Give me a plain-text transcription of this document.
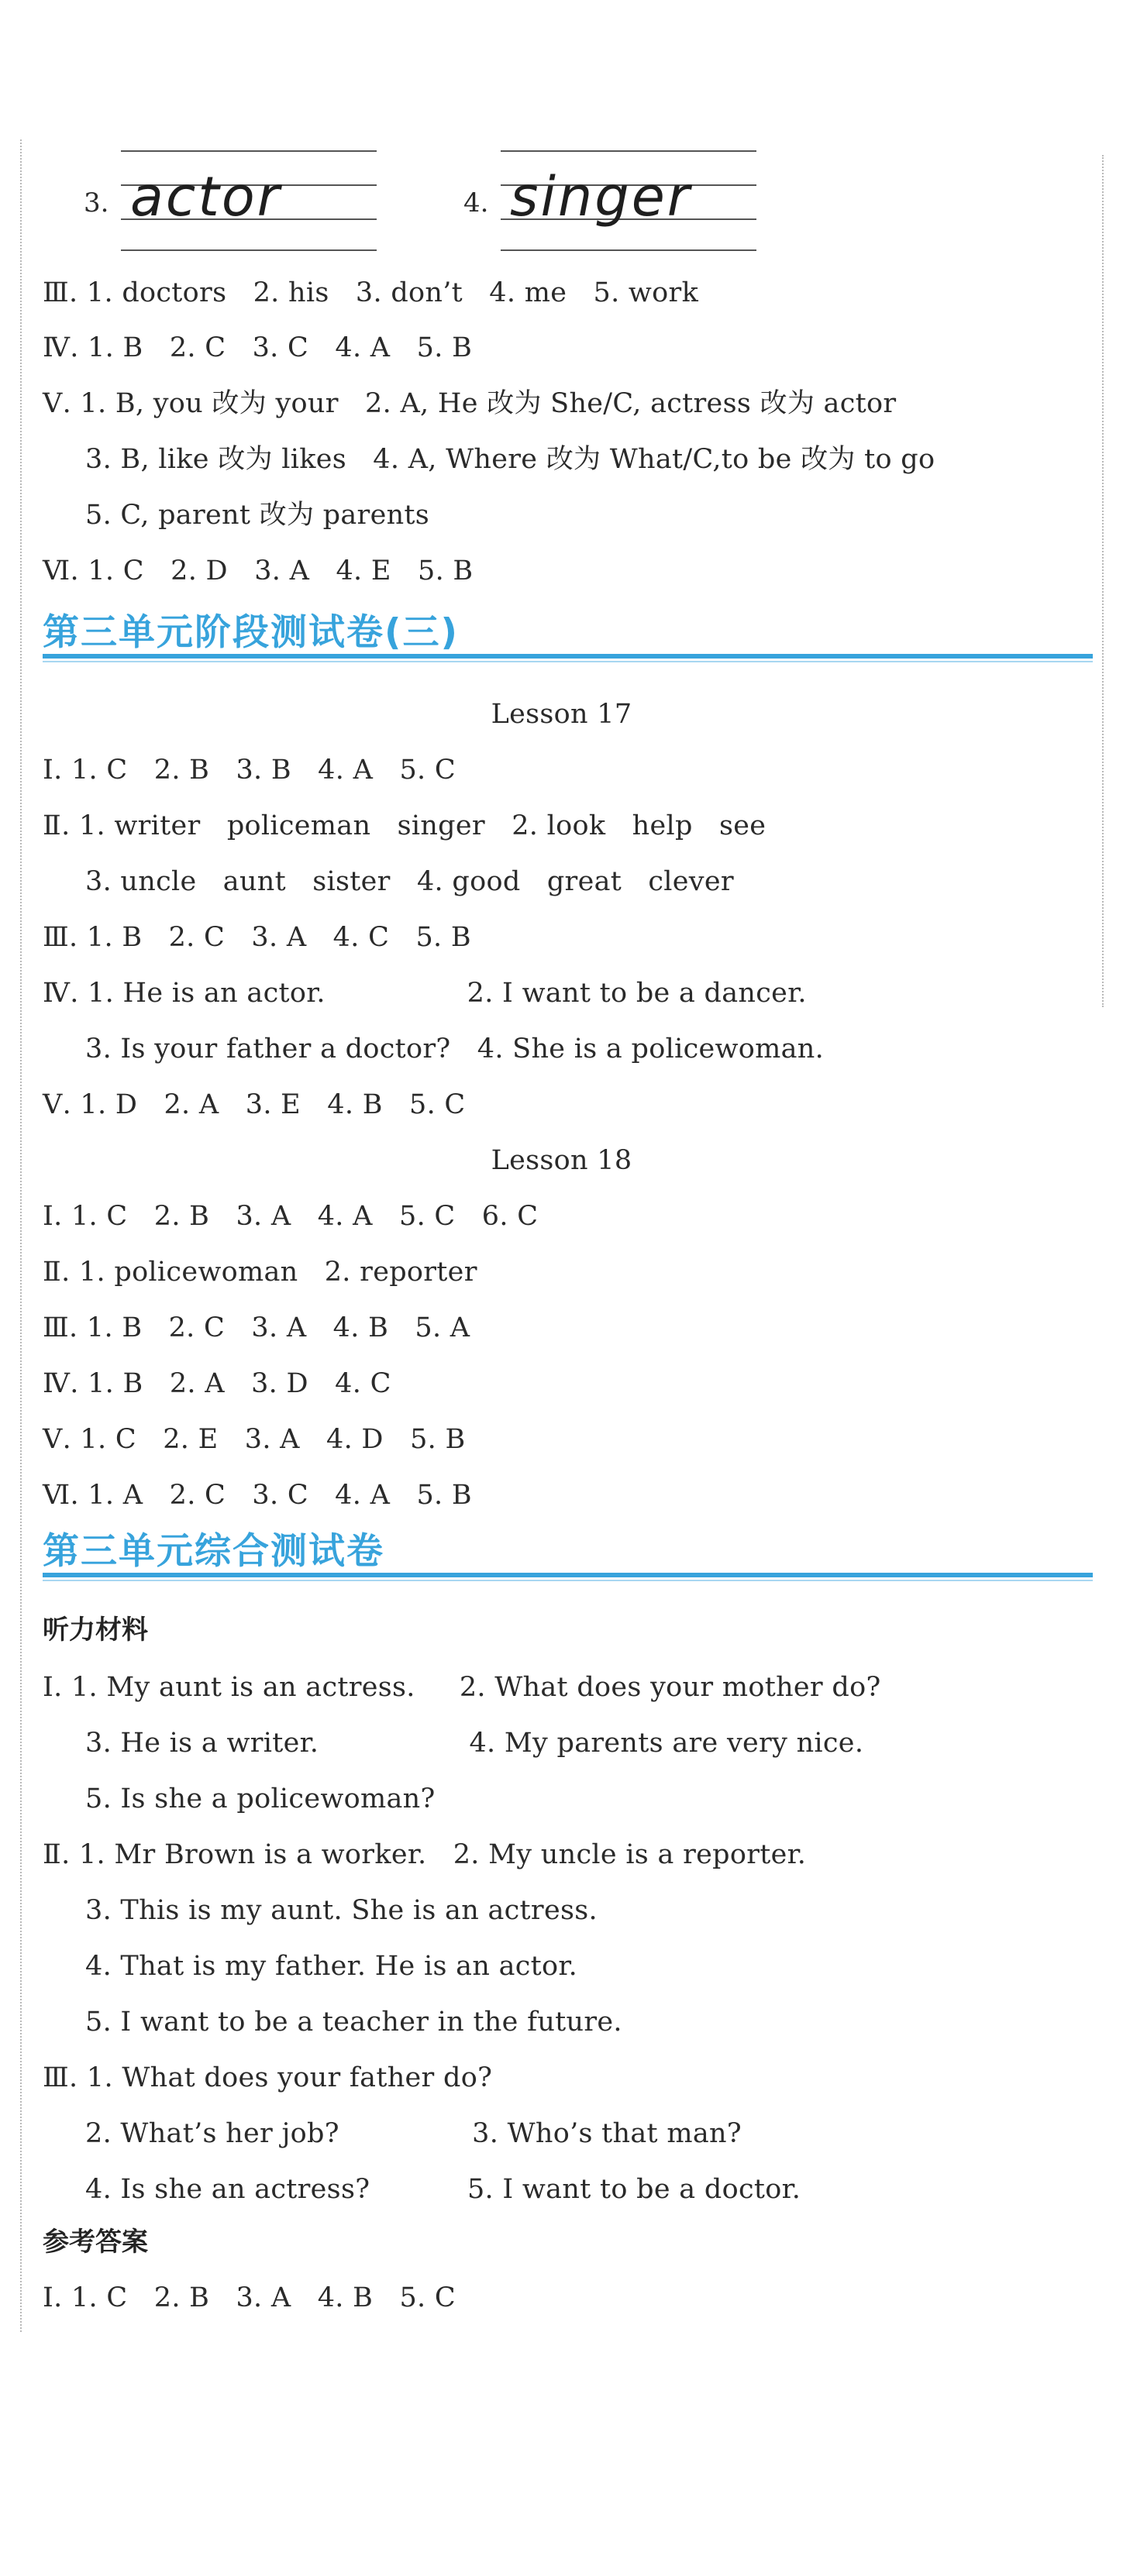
3. actor	4. singer
Ⅲ. 1. doctors   2. his   3. don’t   4. me   5. work
Ⅳ. 1. B   2. C   3. C   4. A   5. B
Ⅴ. 1. B, you 改为 your   2. A, He 改为 She/C, actress 改为 actor
3. B, like 改为 likes   4. A, Where 改为 What/C,to be 改为 to go
5. C, parent 改为 parents
Ⅵ. 1. C   2. D   3. A   4. E   5. B
第三单元阶段测试卷(三)
Lesson 17
Ⅰ. 1. C   2. B   3. B   4. A   5. C
Ⅱ. 1. writer   policeman   singer   2. look   help   see
3. uncle   aunt   sister   4. good   great   clever
Ⅲ. 1. B   2. C   3. A   4. C   5. B
Ⅳ. 1. He is an actor.                2. I want to be a dancer.
3. Is your father a doctor?   4. She is a policewoman.
Ⅴ. 1. D   2. A   3. E   4. B   5. C
Lesson 18
Ⅰ. 1. C   2. B   3. A   4. A   5. C   6. C
Ⅱ. 1. policewoman   2. reporter
Ⅲ. 1. B   2. C   3. A   4. B   5. A
Ⅳ. 1. B   2. A   3. D   4. C
Ⅴ. 1. C   2. E   3. A   4. D   5. B
Ⅵ. 1. A   2. C   3. C   4. A   5. B
第三单元综合测试卷
听力材料
Ⅰ. 1. My aunt is an actress.     2. What does your mother do?
3. He is a writer.                 4. My parents are very nice.
5. Is she a policewoman?
Ⅱ. 1. Mr Brown is a worker.   2. My uncle is a reporter.
3. This is my aunt. She is an actress.
4. That is my father. He is an actor.
5. I want to be a teacher in the future.
Ⅲ. 1. What does your father do?
2. What’s her job?               3. Who’s that man?
4. Is she an actress?           5. I want to be a doctor.
参考答案
Ⅰ. 1. C   2. B   3. A   4. B   5. C
